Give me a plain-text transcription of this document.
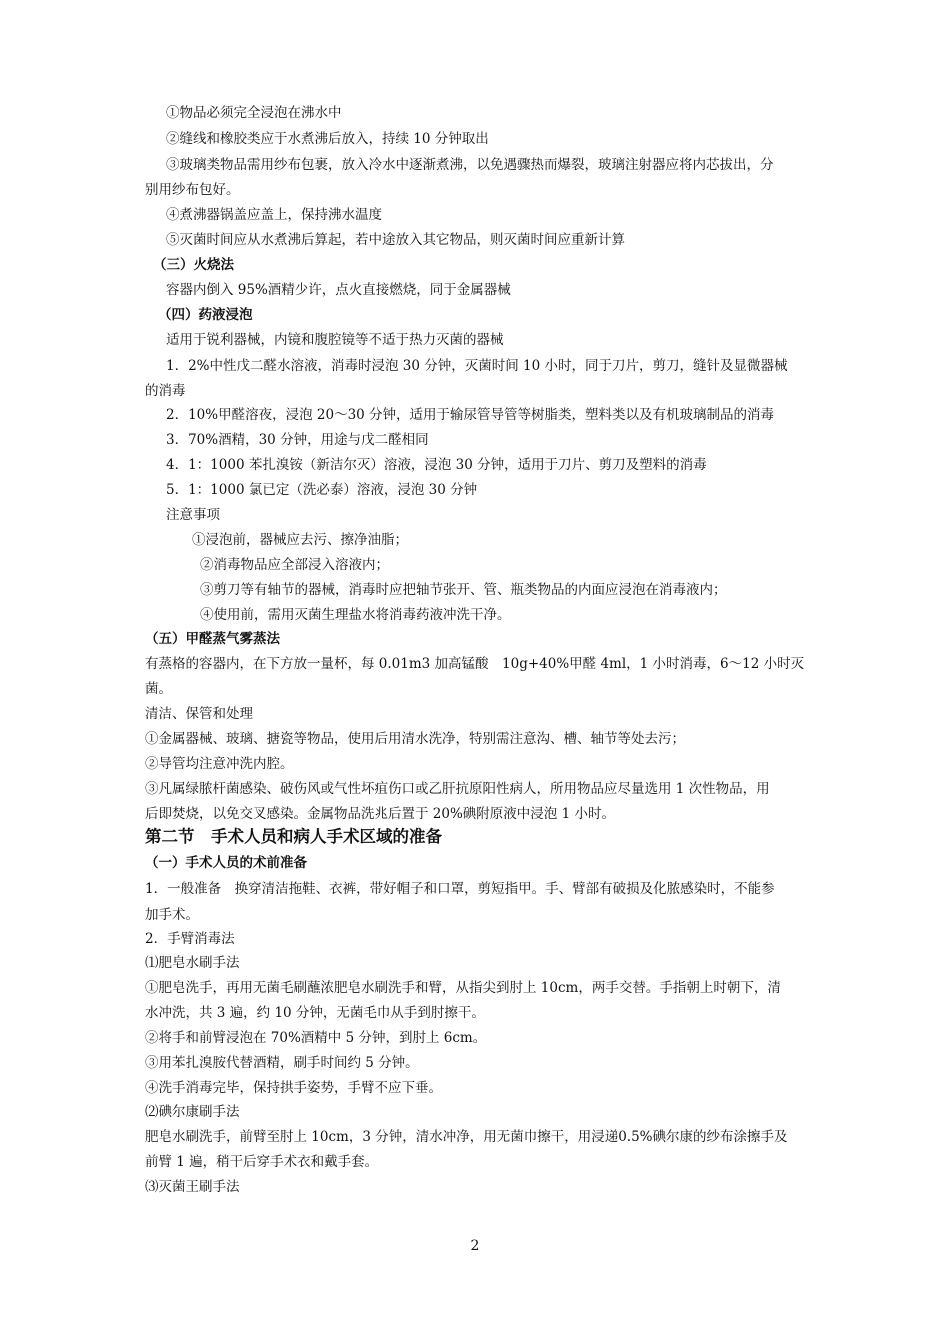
①物品必须完全浸泡在沸水中
②缝线和橡胶类应于水煮沸后放入，持续 10 分钟取出
③玻璃类物品需用纱布包裹，放入冷水中逐渐煮沸，以免遇骤热而爆裂，玻璃注射器应将内芯拔出，分
别用纱布包好。
④煮沸器锅盖应盖上，保持沸水温度
⑤灭菌时间应从水煮沸后算起，若中途放入其它物品，则灭菌时间应重新计算
（三）火烧法
容器内倒入 95%酒精少许，点火直接燃烧，同于金属器械
（四）药液浸泡
适用于锐利器械，内镜和腹腔镜等不适于热力灭菌的器械
1．2%中性戊二醛水溶液，消毒时浸泡 30 分钟，灭菌时间 10 小时，同于刀片，剪刀，缝针及显微器械
的消毒
2．10%甲醛溶夜，浸泡 20～30 分钟，适用于输尿管导管等树脂类，塑料类以及有机玻璃制品的消毒
3．70%酒精，30 分钟，用途与戊二醛相同
4．1：1000 苯扎溴铵（新洁尔灭）溶液，浸泡 30 分钟，适用于刀片、剪刀及塑料的消毒
5．1：1000 氯已定（洗必泰）溶液，浸泡 30 分钟
注意事项
①浸泡前，器械应去污、擦净油脂；
②消毒物品应全部浸入溶液内；
③剪刀等有轴节的器械，消毒时应把轴节张开、管、瓶类物品的内面应浸泡在消毒液内；
④使用前，需用灭菌生理盐水将消毒药液冲洗干净。
（五）甲醛蒸气雾蒸法
有蒸格的容器内，在下方放一量杯，每 0.01m3 加高锰酸　10g+40%甲醛 4ml，1 小时消毒，6～12 小时灭
菌。
清洁、保管和处理
①金属器械、玻璃、搪瓷等物品，使用后用清水洗净，特别需注意沟、槽、轴节等处去污；
②导管均注意冲洗内腔。
③凡属绿脓杆菌感染、破伤风或气性坏疽伤口或乙肝抗原阳性病人，所用物品应尽量选用 1 次性物品，用
后即焚烧，以免交叉感染。金属物品洗兆后置于 20%碘附原液中浸泡 1 小时。
第二节　手术人员和病人手术区域的准备
（一）手术人员的术前准备
1．一般准备　换穿清洁拖鞋、衣裤，带好帽子和口罩，剪短指甲。手、臂部有破损及化脓感染时，不能参
加手术。
2．手臂消毒法
⑴肥皂水刷手法
①肥皂洗手，再用无菌毛刷蘸浓肥皂水刷洗手和臂，从指尖到肘上 10cm，两手交替。手指朝上时朝下，清
水冲洗，共 3 遍，约 10 分钟，无菌毛巾从手到肘擦干。
②将手和前臂浸泡在 70%酒精中 5 分钟，到肘上 6cm。
③用苯扎溴胺代替酒精，刷手时间约 5 分钟。
④洗手消毒完毕，保持拱手姿势，手臂不应下垂。
⑵碘尔康刷手法
肥皂水刷洗手，前臂至肘上 10cm，3 分钟，清水冲净，用无菌巾擦干，用浸递0.5%碘尔康的纱布涂擦手及
前臂 1 遍，稍干后穿手术衣和戴手套。
⑶灭菌王刷手法
2
